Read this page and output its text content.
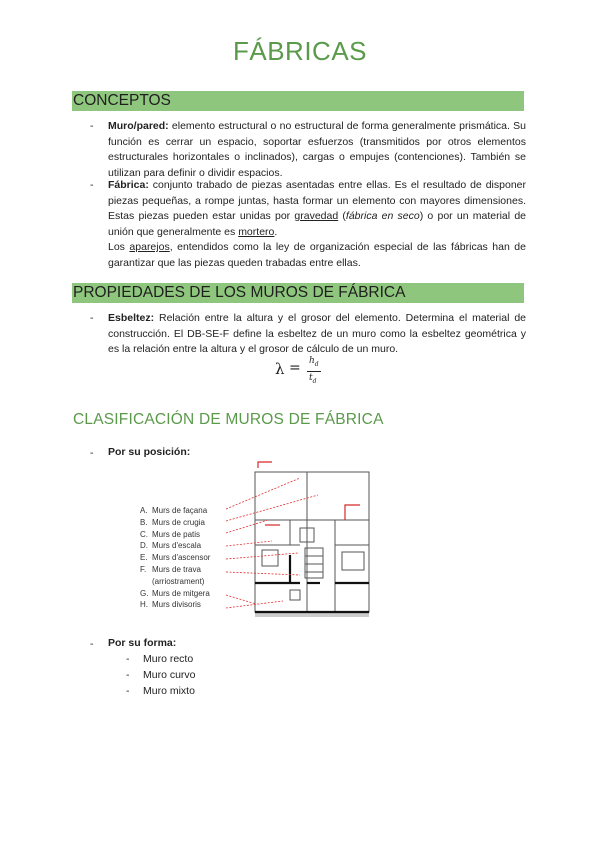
FÁBRICAS
CONCEPTOS
- Muro/pared: elemento estructural o no estructural de forma generalmente prismática. Su función es cerrar un espacio, soportar esfuerzos (transmitidos por otros elementos estructurales horizontales o inclinados), cargas o empujes (contenciones). También se utilizan para definir o dividir espacios.

- Fábrica: conjunto trabado de piezas asentadas entre ellas. Es el resultado de disponer piezas pequeñas, a rompe juntas, hasta formar un elemento con mayores dimensiones. Estas piezas pueden estar unidas por gravedad (fábrica en seco) o por un material de unión que generalmente es mortero.
Los aparejos, entendidos como la ley de organización especial de las fábricas han de garantizar que las piezas queden trabadas entre ellas.

PROPIEDADES DE LOS MUROS DE FÁBRICA
- Esbeltez: Relación entre la altura y el grosor del elemento. Determina el material de construcción. El DB-SE-F define la esbeltez de un muro como la esbeltez geométrica y es la relación entre la altura y el grosor de cálculo de un muro.

$\lambda = h_d$
$t_d$
CLASIFICACIÓN DE MUROS DE FÁBRICA
- Por su posición:
A. Murs de façana
B. Murs de crugia
C. Murs de patis
D. Murs d'escala
E. Murs d'ascensor
F. Murs de trava
(arriostrament)
G. Murs de mitgera
H. Murs divisoris
- Por su forma:
- Muro recto
- Muro curvo
- Muro mixto
